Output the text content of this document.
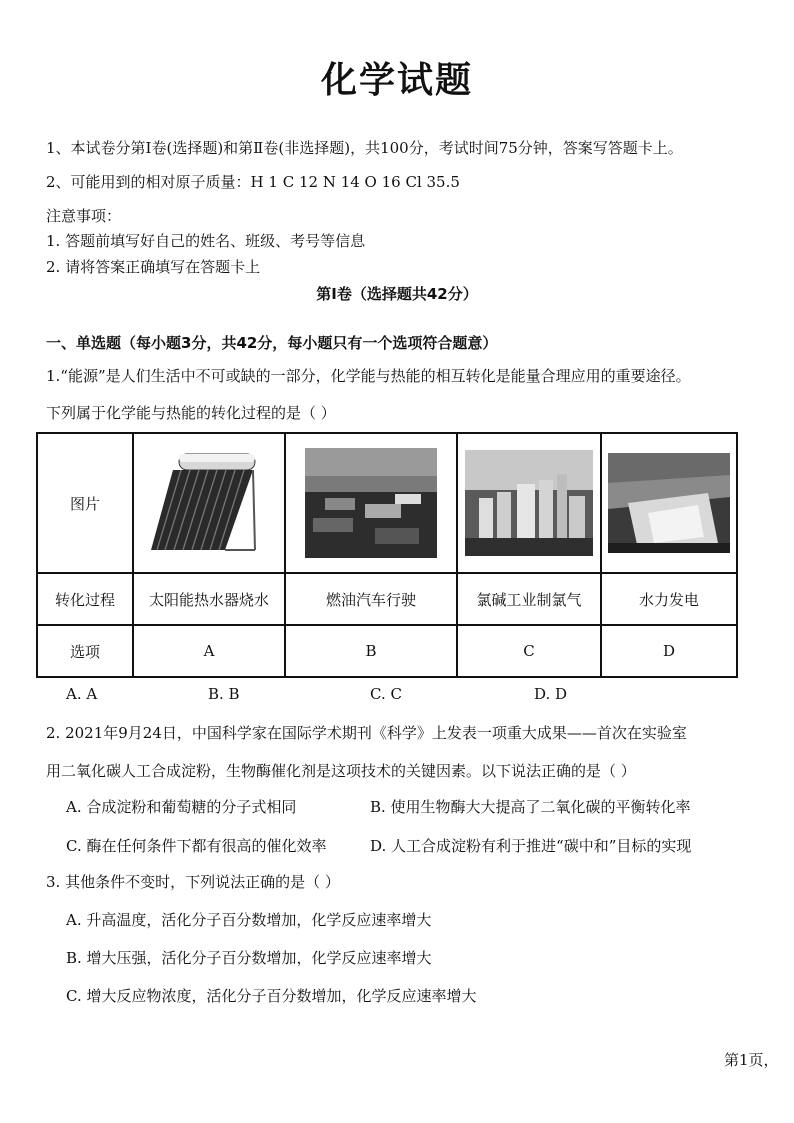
化学试题
1、本试卷分第Ⅰ卷(选择题)和第Ⅱ卷(非选择题)，共100分，考试时间75分钟，答案写答题卡上。
2、可能用到的相对原子质量：H 1 C 12 N 14 O 16 Cl 35.5
注意事项：
1. 答题前填写好自己的姓名、班级、考号等信息
2. 请将答案正确填写在答题卡上
第Ⅰ卷（选择题共42分）
一、单选题（每小题3分，共42分，每小题只有一个选项符合题意）
1.“能源”是人们生活中不可或缺的一部分，化学能与热能的相互转化是能量合理应用的重要途径。
下列属于化学能与热能的转化过程的是（ ）
图片	

转化过程	太阳能热水器烧水	燃油汽车行驶	氯碱工业制氯气	水力发电
选项	A	B	C	D
A. A	B. B	C. C	D. D
2. 2021年9月24日，中国科学家在国际学术期刊《科学》上发表一项重大成果——首次在实验室
用二氧化碳人工合成淀粉，生物酶催化剂是这项技术的关键因素。以下说法正确的是（ ）
A. 合成淀粉和葡萄糖的分子式相同	B. 使用生物酶大大提高了二氧化碳的平衡转化率
C. 酶在任何条件下都有很高的催化效率	D. 人工合成淀粉有利于推进“碳中和”目标的实现
3. 其他条件不变时，下列说法正确的是（ ）
A. 升高温度，活化分子百分数增加，化学反应速率增大
B. 增大压强，活化分子百分数增加，化学反应速率增大
C. 增大反应物浓度，活化分子百分数增加，化学反应速率增大
第1页，
